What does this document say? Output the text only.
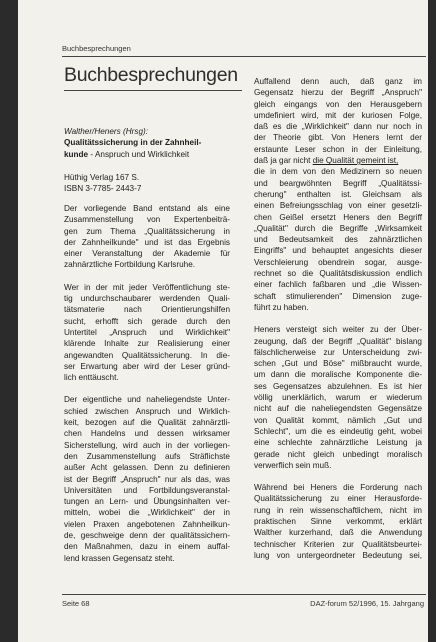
Buchbesprechungen
Buchbesprechungen
Walther/Heners (Hrsg):
Qualitätssicherung in der Zahnheil-
kunde - Anspruch und Wirklichkeit
Hüthig Verlag 167 S.
ISBN 3-7785- 2443-7

Der vorliegende Band entstand als eine
Zusammenstellung von Expertenbeiträ-
gen zum Thema „Qualitätssicherung in
der Zahnheilkunde" und ist das Ergebnis
einer Veranstaltung der Akademie für
zahnärztliche Fortbildung Karlsruhe.

Wer in der mit jeder Veröffentlichung ste-
tig undurchschaubarer werdenden Quali-
tätsmaterie nach Orientierungshilfen
sucht, erhofft sich gerade durch den
Untertitel „Anspruch und Wirklichkeit"
klärende Inhalte zur Realisierung einer
angewandten Qualitätssicherung. In die-
ser Erwartung aber wird der Leser gründ-
lich enttäuscht.

Der eigentliche und naheliegendste Unter-
schied zwischen Anspruch und Wirklich-
keit, bezogen auf die Qualität zahnärztli-
chen Handelns und dessen wirksamer
Sicherstellung, wird auch in der vorliegen-
den Zusammenstellung aufs Sträflichste
außer Acht gelassen. Denn zu definieren
ist der Begriff „Anspruch" nur als das, was
Universitäten und Fortbildungsveranstal-
tungen an Lern- und Übungsinhalten ver-
mitteln, wobei die „Wirklichkeit" der in
vielen Praxen angebotenen Zahnheilkun-
de, geschweige denn der qualitätssichern-
den Maßnahmen, dazu in einem auffal-
lend krassen Gegensatz steht.

Auffallend denn auch, daß ganz im
Gegensatz hierzu der Begriff „Anspruch"
gleich eingangs von den Herausgebern
umdefiniert wird, mit der kuriosen Folge,
daß es die „Wirklichkeit" dann nur noch in
der Theorie gibt. Von Heners lernt der
erstaunte Leser schon in der Einleitung,
daß ja gar nicht die Qualität gemeint ist,
die in dem von den Medizinern so neuen
und beargwöhnten Begriff „Qualitätssi-
cherung" enthalten ist. Gleichsam als
einen Befreiungsschlag von einer gesetzli-
chen Geißel ersetzt Heners den Begriff
„Qualität" durch die Begriffe „Wirksamkeit
und Bedeutsamkeit des zahnärztlichen
Eingriffs" und behauptet angesichts dieser
Verschleierung obendrein sogar, ausge-
rechnet so die Qualitätsdiskussion endlich
einer fachlich faßbaren und „die Wissen-
schaft stimulierenden" Dimension zuge-
führt zu haben.

Heners versteigt sich weiter zu der Über-
zeugung, daß der Begriff „Qualität" bislang
fälschlicherweise zur Unterscheidung zwi-
schen „Gut und Böse" mißbraucht wurde,
um dann die moralische Komponente die-
ses Gegensatzes abzulehnen. Es ist hier
völlig unerklärlich, warum er wiederum
nicht auf die naheliegendsten Gegensätze
von Qualität kommt, nämlich „Gut und
Schlecht", um die es eindeutig geht, wobei
eine schlechte zahnärztliche Leistung ja
gerade nicht gleich unbedingt moralisch
verwerflich sein muß.

Während bei Heners die Forderung nach
Qualitätssicherung zu einer Herausforde-
rung in rein wissenschaftlichem, nicht im
praktischen Sinne verkommt, erklärt
Walther kurzerhand, daß die Anwendung
technischer Kriterien zur Qualitätsbeurtei-
lung von untergeordneter Bedeutung sei,

Seite 68	DAZ-forum 52/1996, 15. Jahrgang
